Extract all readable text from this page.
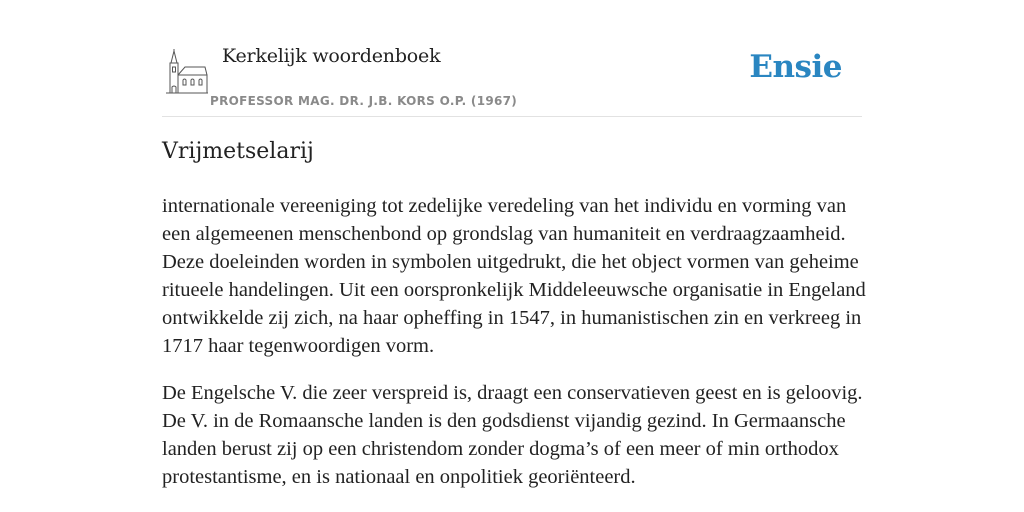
Kerkelijk woordenboek
PROFESSOR MAG. DR. J.B. KORS O.P. (1967)
Ensie
Vrijmetselarij

internationale vereeniging tot zedelijke veredeling van het individu en vorming van een algemeenen menschenbond op grondslag van humaniteit en verdraagzaamheid. Deze doeleinden worden in symbolen uitgedrukt, die het object vormen van geheime ritueele handelingen. Uit een oorspronkelijk Middeleeuwsche organisatie in Engeland ontwikkelde zij zich, na haar opheffing in 1547, in humanistischen zin en verkreeg in 1717 haar tegenwoordigen vorm.

De Engelsche V. die zeer verspreid is, draagt een conservatieven geest en is geloovig. De V. in de Romaansche landen is den godsdienst vijandig gezind. In Germaansche landen berust zij op een christendom zonder dogma’s of een meer of min orthodox protestantisme, en is nationaal en onpolitiek georiënteerd.
